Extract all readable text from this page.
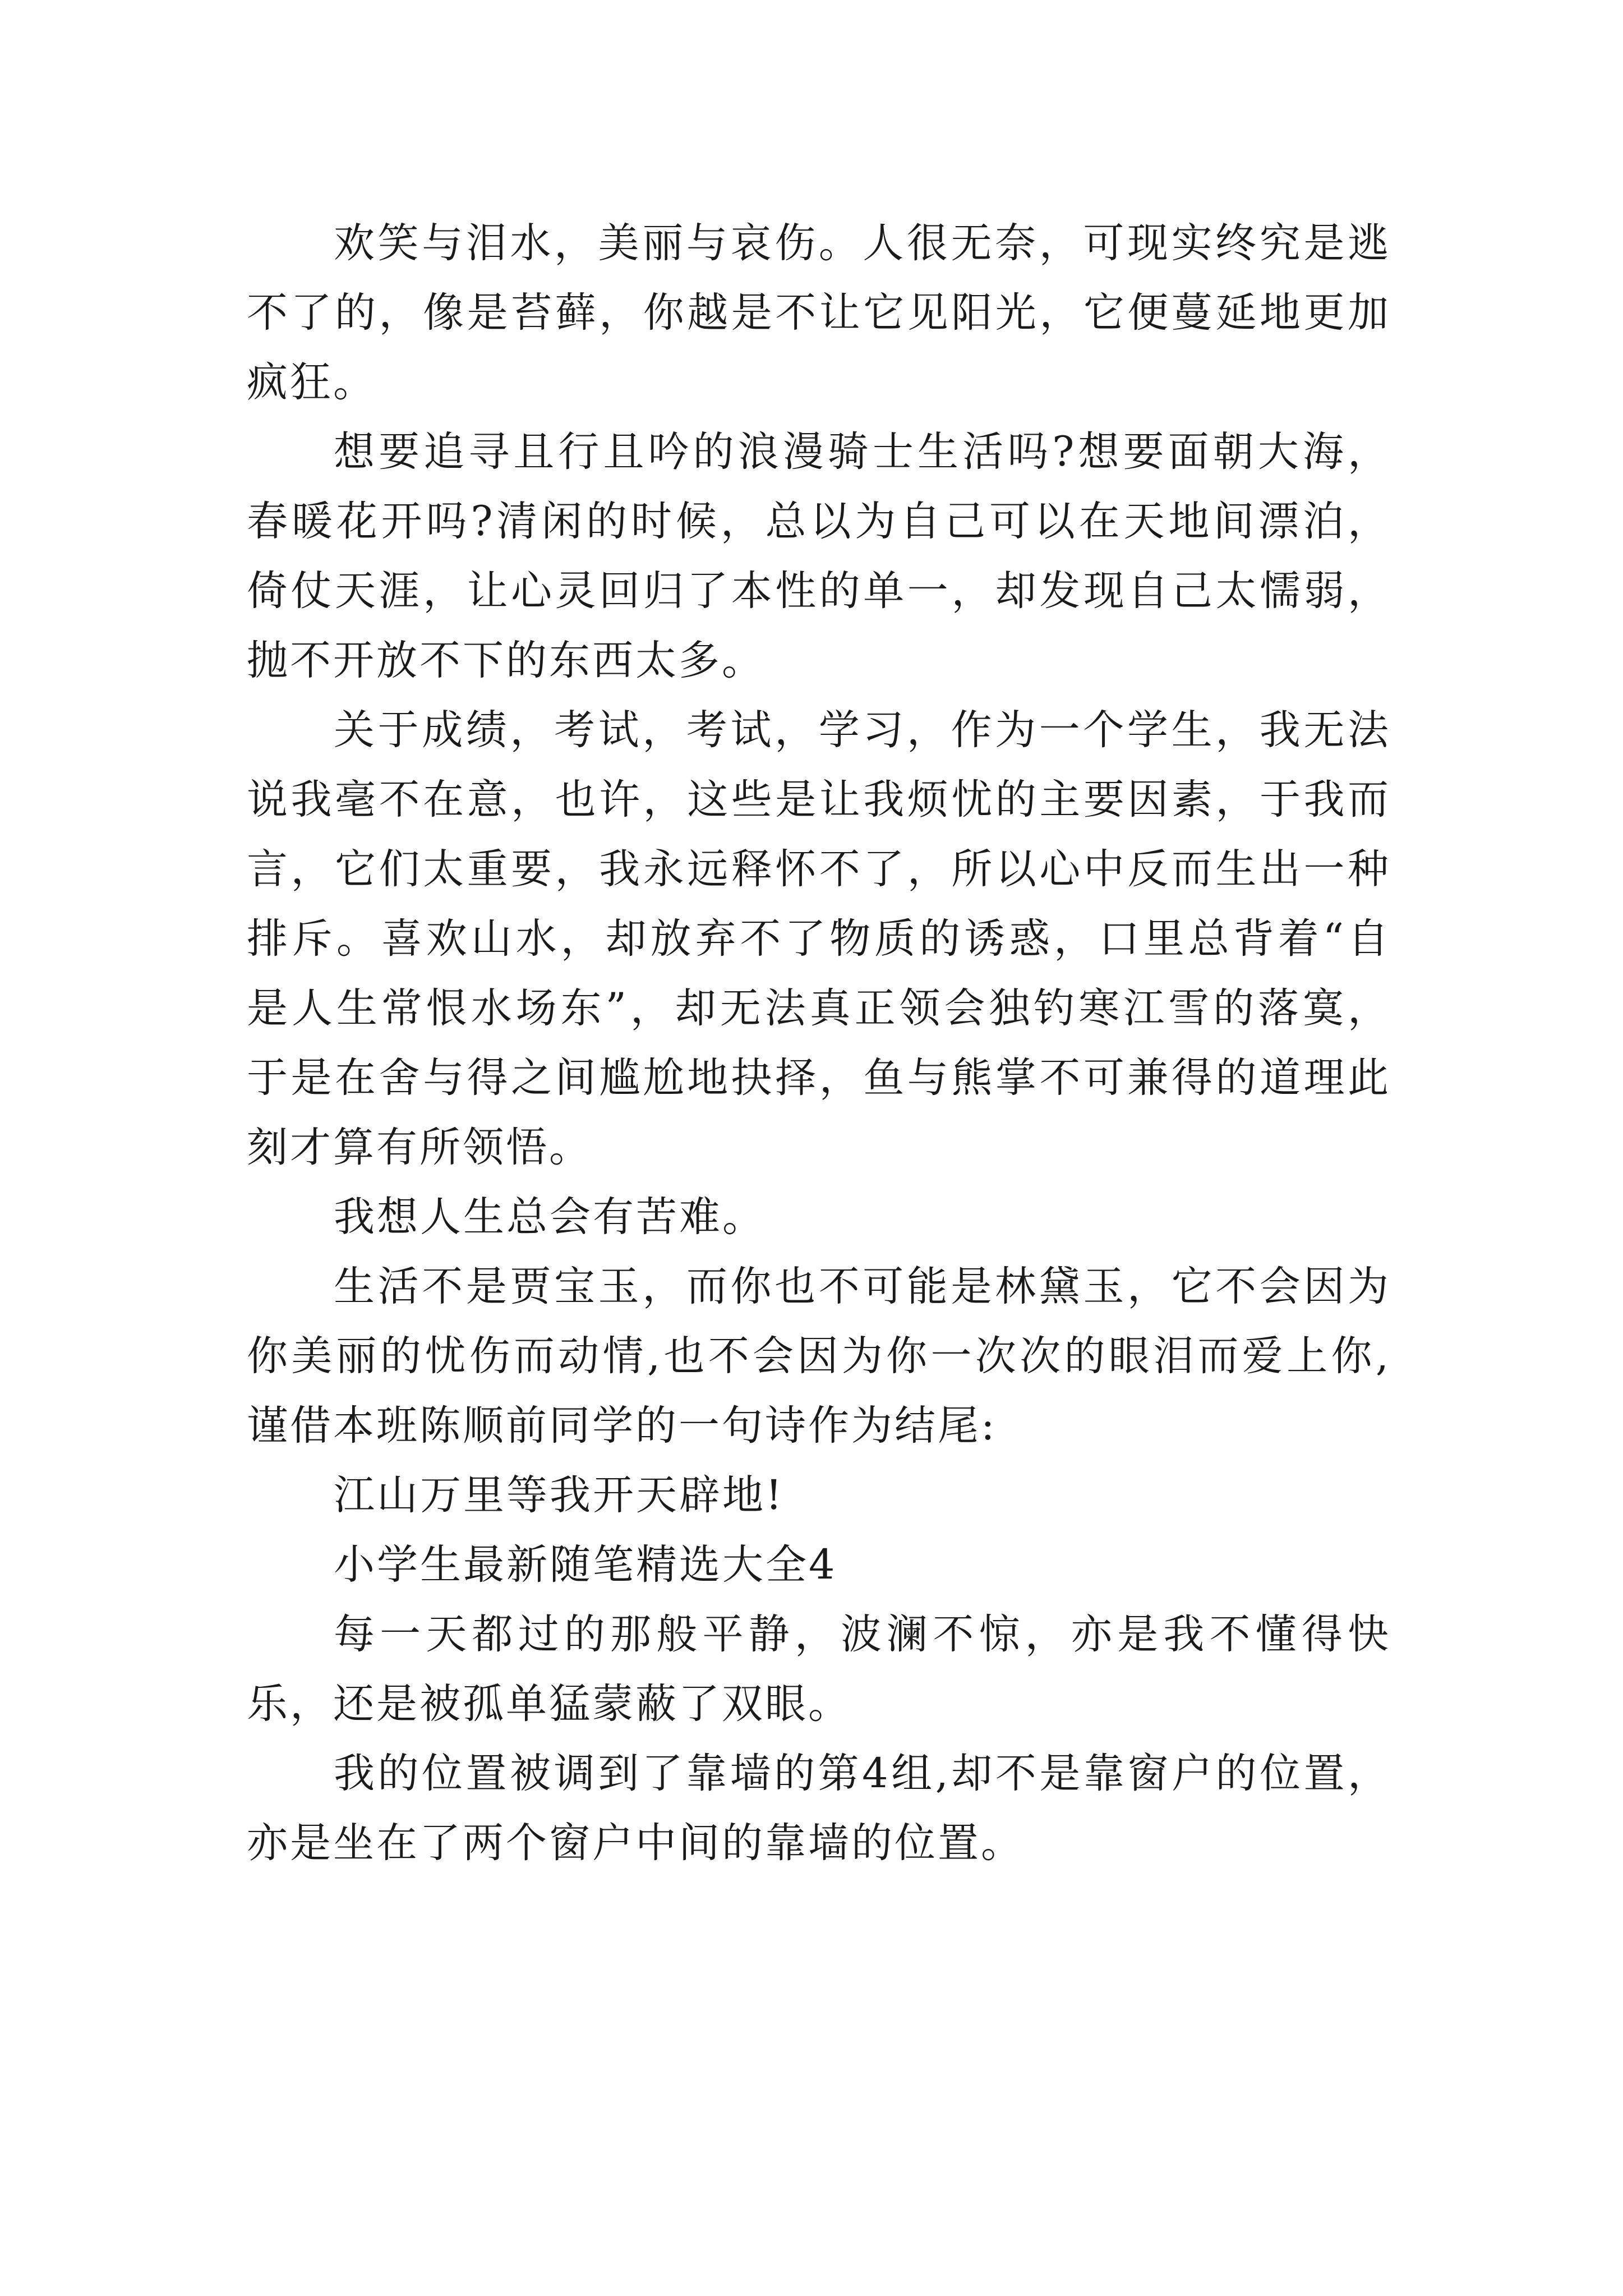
欢笑与泪水，美丽与哀伤。人很无奈，可现实终究是逃不了的，像是苔藓，你越是不让它见阳光，它便蔓延地更加疯狂。

想要追寻且行且吟的浪漫骑士生活吗?想要面朝大海，春暖花开吗?清闲的时候，总以为自己可以在天地间漂泊，倚仗天涯，让心灵回归了本性的单一，却发现自己太懦弱，抛不开放不下的东西太多。

关于成绩，考试，考试，学习，作为一个学生，我无法说我毫不在意，也许，这些是让我烦忧的主要因素，于我而言，它们太重要，我永远释怀不了，所以心中反而生出一种排斥。喜欢山水，却放弃不了物质的诱惑，口里总背着“自是人生常恨水场东”，却无法真正领会独钓寒江雪的落寞，于是在舍与得之间尴尬地抉择，鱼与熊掌不可兼得的道理此刻才算有所领悟。

我想人生总会有苦难。

生活不是贾宝玉，而你也不可能是林黛玉，它不会因为你美丽的忧伤而动情,也不会因为你一次次的眼泪而爱上你,谨借本班陈顺前同学的一句诗作为结尾:

江山万里等我开天辟地!

小学生最新随笔精选大全4

每一天都过的那般平静，波澜不惊，亦是我不懂得快乐，还是被孤单猛蒙蔽了双眼。

我的位置被调到了靠墙的第4组,却不是靠窗户的位置，亦是坐在了两个窗户中间的靠墙的位置。
